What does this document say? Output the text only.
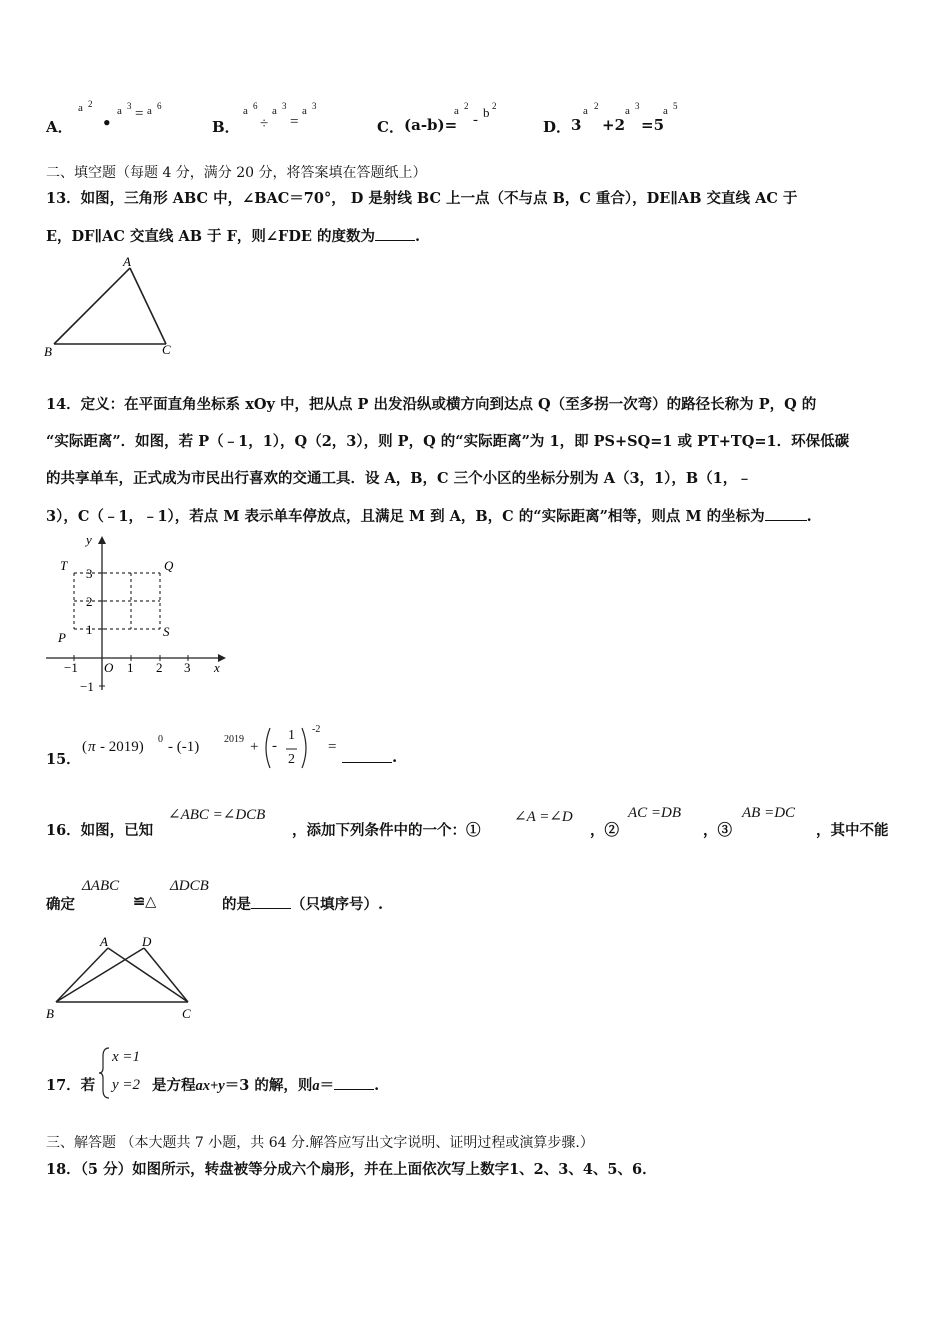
A．
a 2
•
a 3 = a 6
B．
a 6
÷
a 3
=
a 3
C． (a-b)=
a 2
- b 2
D． 3
a 2
+2
a 3
=5
a 5
二、填空题（每题 4 分，满分 20 分，将答案填在答题纸上）
13．如图，三角形 ABC 中，∠BAC＝70°， D 是射线 BC 上一点（不与点 B，C 重合），DE∥AB 交直线 AC 于
E，DF∥AC 交直线 AB 于 F，则∠FDE 的度数为	.
A
B	C
14．定义：在平面直角坐标系 xOy 中，把从点 P 出发沿纵或横方向到达点 Q（至多拐一次弯）的路径长称为 P，Q 的
“实际距离”．如图，若 P（﹣1，1），Q（2，3），则 P，Q 的“实际距离”为 1，即 PS+SQ=1 或 PT+TQ=1．环保低碳
的共享单车，正式成为市民出行喜欢的交通工具．设 A，B，C 三个小区的坐标分别为 A（3，1），B（1，﹣
3），C（﹣1，﹣1），若点 M 表示单车停放点，且满足 M 到 A，B，C 的“实际距离”相等，则点 M 的坐标为	.
y
x
O
T	Q
P	S
3
2
1
−1
−1	1 2 3
15．
( π - 2019) 0 - (-1) 2019 + -
1
2
-2
=
.
16．如图，已知
∠ABC =∠DCB
，添加下列条件中的一个：①
∠A =∠D
，②
AC =DB
，③
AB =DC
，其中不能
确定
ΔABC
≌△
ΔDCB
的是	（只填序号）.
A	D
B	C
17．若
x =1
y =2 是方程ax+y＝3 的解，则a＝	.
三、解答题 （本大题共 7 小题，共 64 分.解答应写出文字说明、证明过程或演算步骤.）
18．（5 分）如图所示，转盘被等分成六个扇形，并在上面依次写上数字1、2、3、4、5、6．
